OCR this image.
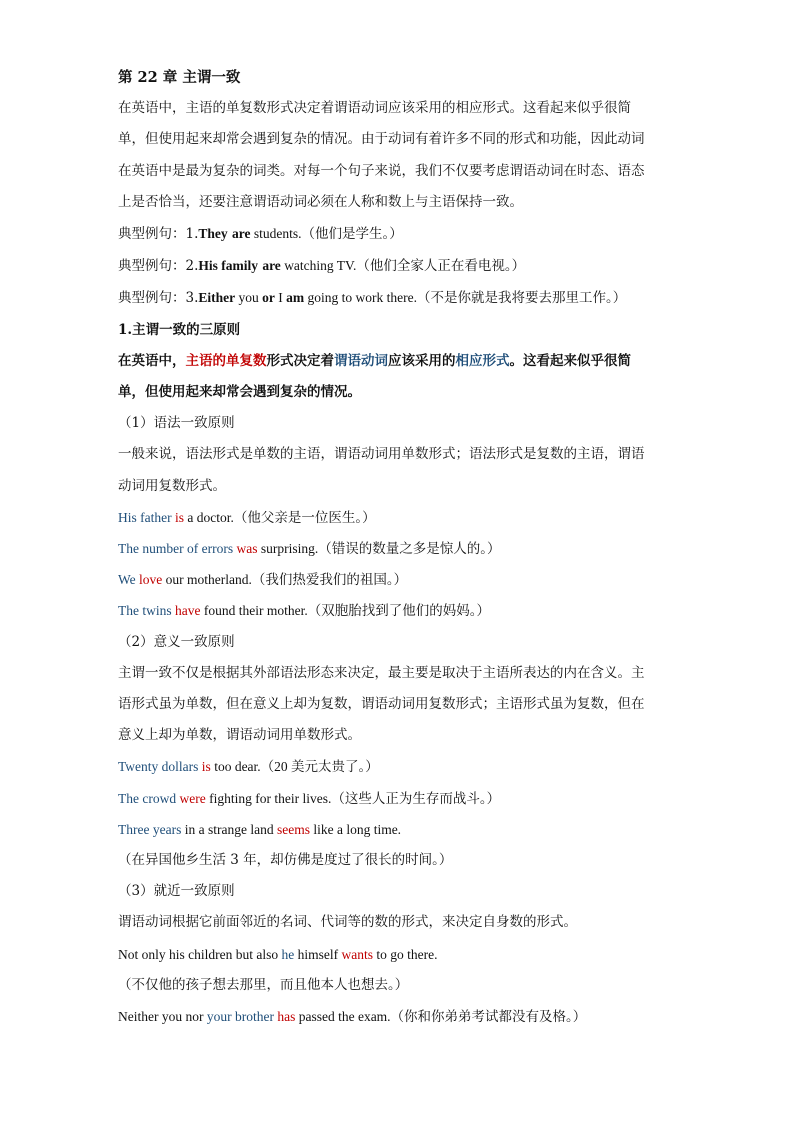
第 22 章 主谓一致
在英语中，主语的单复数形式决定着谓语动词应该采用的相应形式。这看起来似乎很简
单，但使用起来却常会遇到复杂的情况。由于动词有着许多不同的形式和功能，因此动词
在英语中是最为复杂的词类。对每一个句子来说，我们不仅要考虑谓语动词在时态、语态
上是否恰当，还要注意谓语动词必须在人称和数上与主语保持一致。
典型例句：1.They are students.（他们是学生。）
典型例句：2.His family are watching TV.（他们全家人正在看电视。）
典型例句：3.Either you or I am going to work there.（不是你就是我将要去那里工作。）
1.主谓一致的三原则
在英语中，主语的单复数形式决定着谓语动词应该采用的相应形式。这看起来似乎很简
单，但使用起来却常会遇到复杂的情况。
（1）语法一致原则
一般来说，语法形式是单数的主语，谓语动词用单数形式；语法形式是复数的主语，谓语
动词用复数形式。
His father is a doctor.（他父亲是一位医生。）
The number of errors was surprising.（错误的数量之多是惊人的。）
We love our motherland.（我们热爱我们的祖国。）
The twins have found their mother.（双胞胎找到了他们的妈妈。）
（2）意义一致原则
主谓一致不仅是根据其外部语法形态来决定，最主要是取决于主语所表达的内在含义。主
语形式虽为单数，但在意义上却为复数，谓语动词用复数形式；主语形式虽为复数，但在
意义上却为单数，谓语动词用单数形式。
Twenty dollars is too dear.（20 美元太贵了。）
The crowd were fighting for their lives.（这些人正为生存而战斗。）
Three years in a strange land seems like a long time.
（在异国他乡生活 3 年，却仿佛是度过了很长的时间。）
（3）就近一致原则
谓语动词根据它前面邻近的名词、代词等的数的形式，来决定自身数的形式。
Not only his children but also he himself wants to go there.
（不仅他的孩子想去那里，而且他本人也想去。）
Neither you nor your brother has passed the exam.（你和你弟弟考试都没有及格。）
